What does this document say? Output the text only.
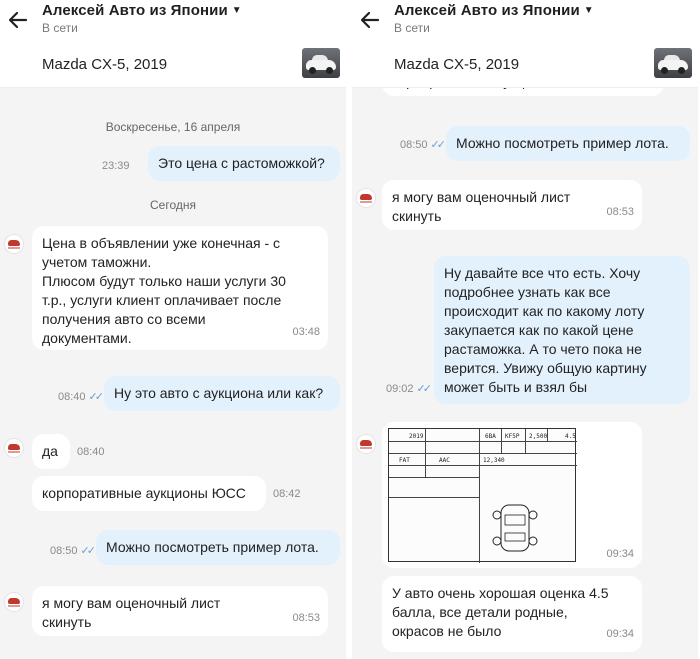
Алексей Авто из Японии ▼
В сети
Mazda CX-5, 2019
Воскресенье, 16 апреля
23:39 Это цена с растоможкой?
Сегодня
Цена в объявлении уже конечная - с учетом таможни.
Плюсом будут только наши услуги 30 т.р., услуги клиент оплачивает после получения авто со всеми документами.	03:48
08:40 ✓✓ Ну это авто с аукциона или как?
да 08:40
корпоративные аукционы ЮСС	08:42
08:50 ✓✓ Можно посмотреть пример лота.
я могу вам оценочный лист скинуть	08:53
Алексей Авто из Японии ▼
В сети
Mazda CX-5, 2019
08:50 ✓✓ Можно посмотреть пример лота.
я могу вам оценочный лист скинуть	08:53
Ну давайте все что есть. Хочу подробнее узнать как все происходит как по какому лоту закупается как по какой цене растаможка. А то чето пока не верится. Увижу общую картину может быть и взял бы
09:02 ✓✓
2019	6BA KF5P 2,500	4.5
FAT	AAC	12,340
09:34
У авто очень хорошая оценка 4.5 балла, все детали родные, окрасов не было	09:34
